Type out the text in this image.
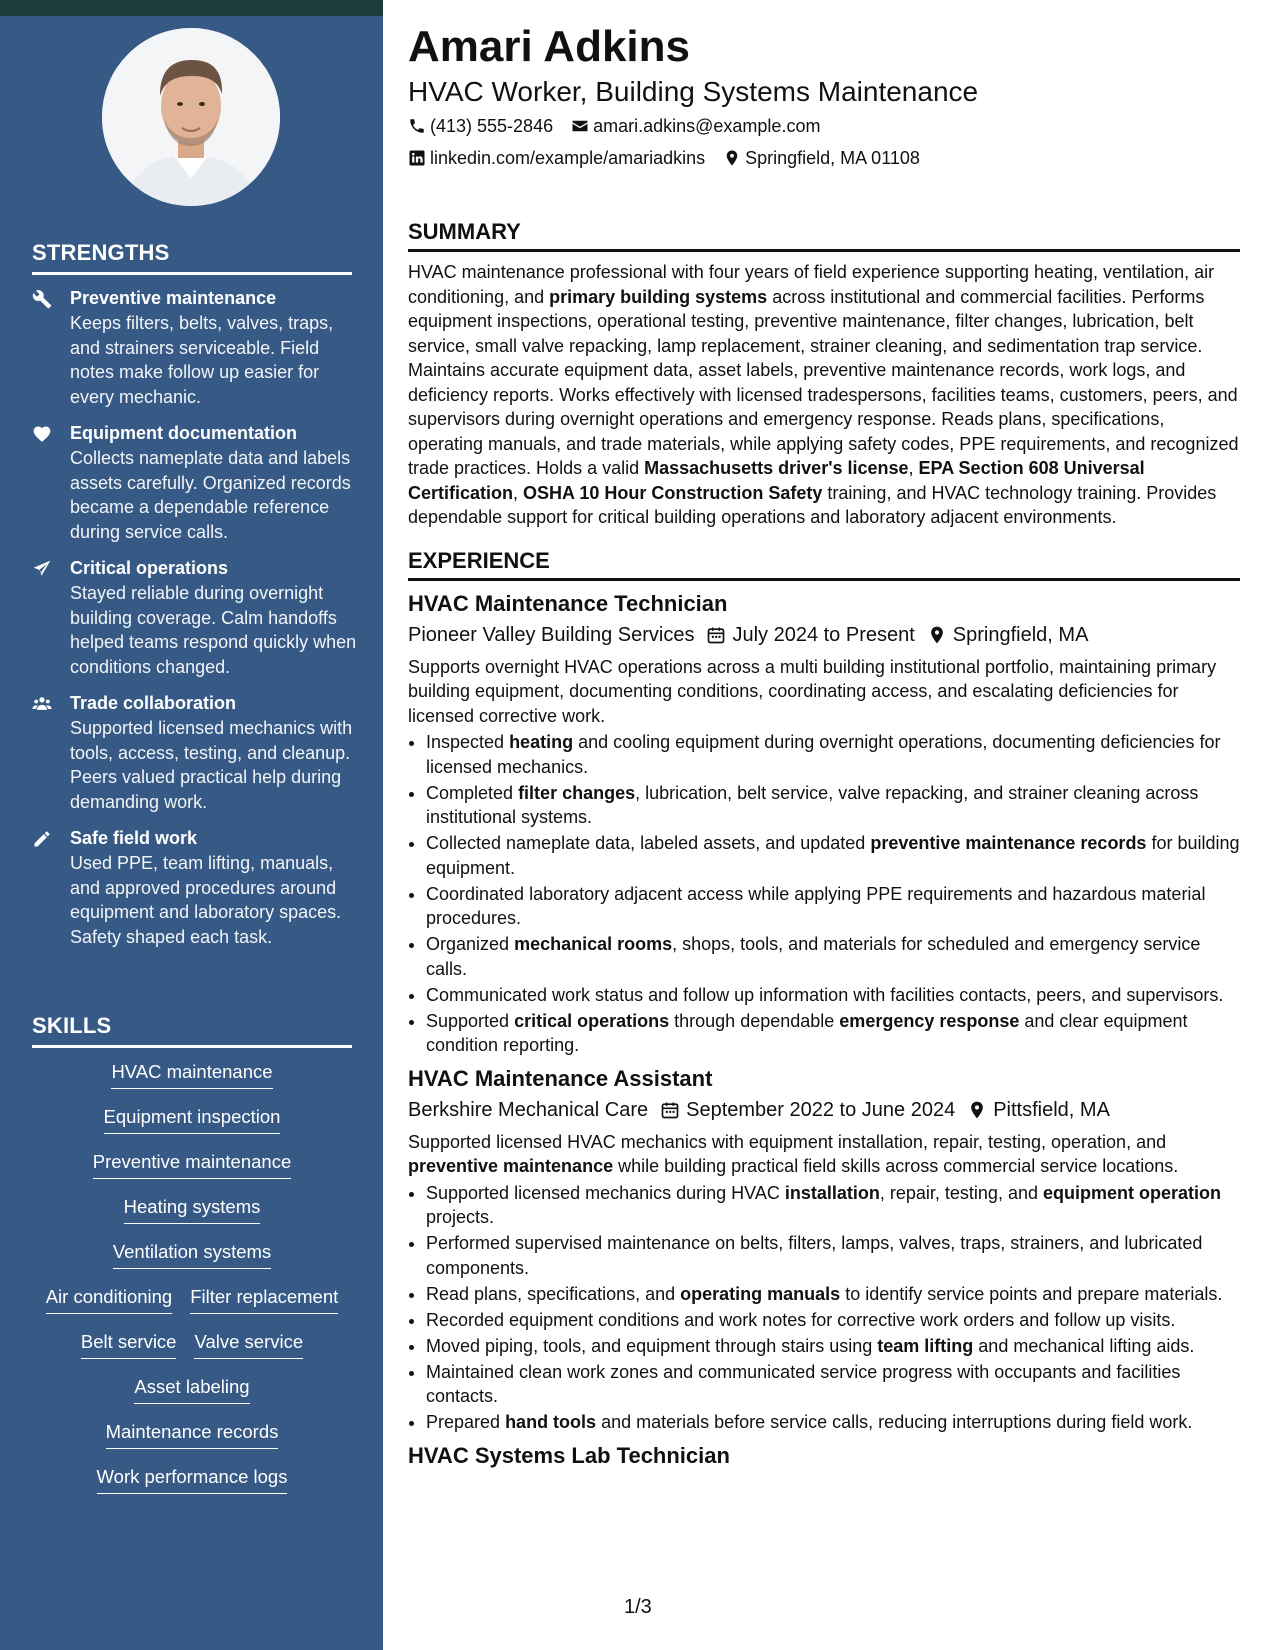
STRENGTHS
Preventive maintenance
Keeps filters, belts, valves, traps, and strainers serviceable. Field notes make follow up easier for every mechanic.
Equipment documentation
Collects nameplate data and labels assets carefully. Organized records became a dependable reference during service calls.
Critical operations
Stayed reliable during overnight building coverage. Calm handoffs helped teams respond quickly when conditions changed.
Trade collaboration
Supported licensed mechanics with tools, access, testing, and cleanup. Peers valued practical help during demanding work.
Safe field work
Used PPE, team lifting, manuals, and approved procedures around equipment and laboratory spaces. Safety shaped each task.
SKILLS
HVAC maintenance
Equipment inspection
Preventive maintenance
Heating systems
Ventilation systems
Air conditioning Filter replacement
Belt service Valve service
Asset labeling
Maintenance records
Work performance logs
Amari Adkins
HVAC Worker, Building Systems Maintenance
(413) 555-2846 amari.adkins@example.com
linkedin.com/example/amariadkins Springfield, MA 01108
SUMMARY

HVAC maintenance professional with four years of field experience supporting heating, ventilation, air conditioning, and primary building systems across institutional and commercial facilities. Performs equipment inspections, operational testing, preventive maintenance, filter changes, lubrication, belt service, small valve repacking, lamp replacement, strainer cleaning, and sedimentation trap service. Maintains accurate equipment data, asset labels, preventive maintenance records, work logs, and deficiency reports. Works effectively with licensed tradespersons, facilities teams, customers, peers, and supervisors during overnight operations and emergency response. Reads plans, specifications, operating manuals, and trade materials, while applying safety codes, PPE requirements, and recognized trade practices. Holds a valid Massachusetts driver's license, EPA Section 608 Universal Certification, OSHA 10 Hour Construction Safety training, and HVAC technology training. Provides dependable support for critical building operations and laboratory adjacent environments.

EXPERIENCE
HVAC Maintenance Technician
Pioneer Valley Building Services July 2024 to Present Springfield, MA
Supports overnight HVAC operations across a multi building institutional portfolio, maintaining primary building equipment, documenting conditions, coordinating access, and escalating deficiencies for licensed corrective work.
• Inspected heating and cooling equipment during overnight operations, documenting deficiencies for licensed mechanics.
• Completed filter changes, lubrication, belt service, valve repacking, and strainer cleaning across institutional systems.
• Collected nameplate data, labeled assets, and updated preventive maintenance records for building equipment.
• Coordinated laboratory adjacent access while applying PPE requirements and hazardous material procedures.
• Organized mechanical rooms, shops, tools, and materials for scheduled and emergency service calls.
• Communicated work status and follow up information with facilities contacts, peers, and supervisors.
• Supported critical operations through dependable emergency response and clear equipment condition reporting.
HVAC Maintenance Assistant
Berkshire Mechanical Care September 2022 to June 2024 Pittsfield, MA
Supported licensed HVAC mechanics with equipment installation, repair, testing, operation, and preventive maintenance while building practical field skills across commercial service locations.
• Supported licensed mechanics during HVAC installation, repair, testing, and equipment operation projects.
• Performed supervised maintenance on belts, filters, lamps, valves, traps, strainers, and lubricated components.
• Read plans, specifications, and operating manuals to identify service points and prepare materials.
• Recorded equipment conditions and work notes for corrective work orders and follow up visits.
• Moved piping, tools, and equipment through stairs using team lifting and mechanical lifting aids.
• Maintained clean work zones and communicated service progress with occupants and facilities contacts.
• Prepared hand tools and materials before service calls, reducing interruptions during field work.
HVAC Systems Lab Technician
1/3
